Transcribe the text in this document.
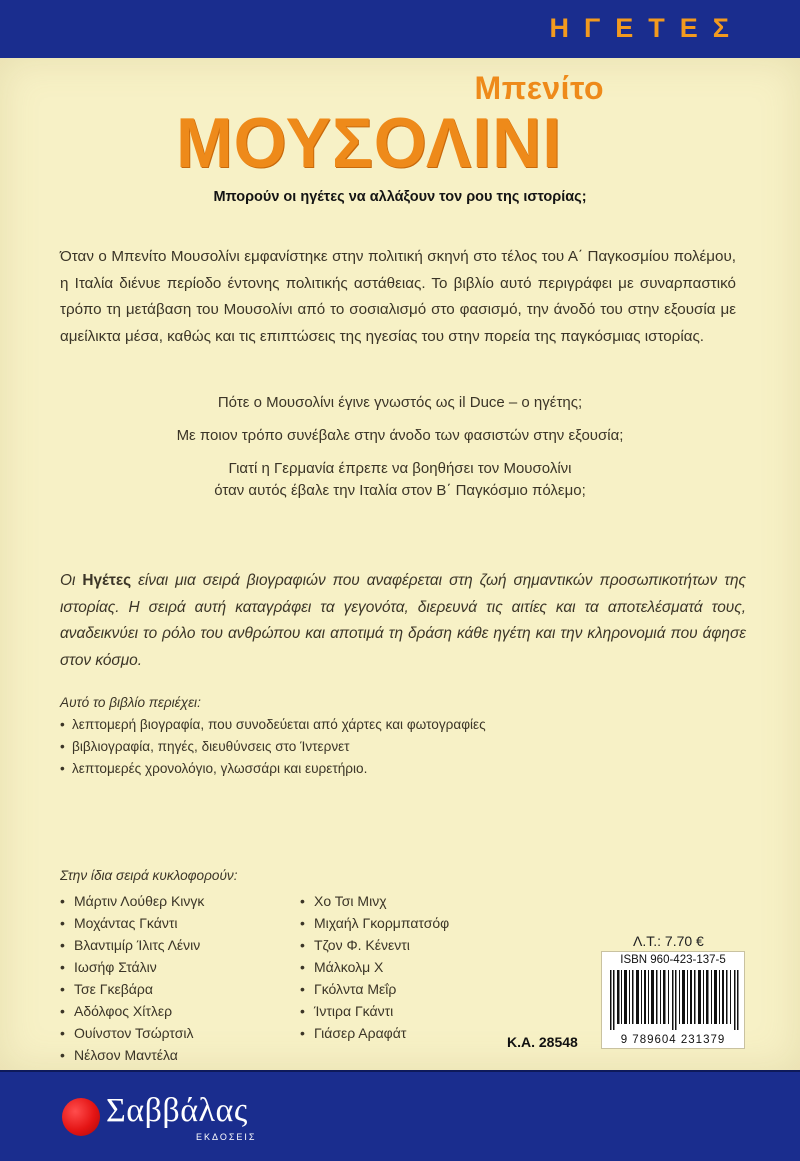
ΗΓΕΤΕΣ
Μπενίτο
ΜΟΥΣΟΛΙΝΙ
Μπορούν οι ηγέτες να αλλάξουν τον ρου της ιστορίας;

Όταν ο Μπενίτο Μουσολίνι εμφανίστηκε στην πολιτική σκηνή στο τέλος του Α΄ Παγκοσμίου πολέμου, η Ιταλία διένυε περίοδο έντονης πολιτικής αστάθειας. Το βιβλίο αυτό περιγράφει με συναρπαστικό τρόπο τη μετάβαση του Μουσολίνι από το σοσιαλισμό στο φασισμό, την άνοδό του στην εξουσία με αμείλικτα μέσα, καθώς και τις επιπτώσεις της ηγεσίας του στην πορεία της παγκόσμιας ιστορίας.

Πότε ο Μουσολίνι έγινε γνωστός ως il Duce – ο ηγέτης;
Με ποιον τρόπο συνέβαλε στην άνοδο των φασιστών στην εξουσία;
Γιατί η Γερμανία έπρεπε να βοηθήσει τον Μουσολίνι
όταν αυτός έβαλε την Ιταλία στον Β΄ Παγκόσμιο πόλεμο;

Οι Ηγέτες είναι μια σειρά βιογραφιών που αναφέρεται στη ζωή σημαντικών προσωπικοτήτων της ιστορίας. Η σειρά αυτή καταγράφει τα γεγονότα, διερευνά τις αιτίες και τα αποτελέσματά τους, αναδεικνύει το ρόλο του ανθρώπου και αποτιμά τη δράση κάθε ηγέτη και την κληρονομιά που άφησε στον κόσμο.

Αυτό το βιβλίο περιέχει:
• λεπτομερή βιογραφία, που συνοδεύεται από χάρτες και φωτογραφίες
• βιβλιογραφία, πηγές, διευθύνσεις στο Ίντερνετ
• λεπτομερές χρονολόγιο, γλωσσάρι και ευρετήριο.
Στην ίδια σειρά κυκλοφορούν:
• Μάρτιν Λούθερ Κινγκ
• Μοχάντας Γκάντι
• Βλαντιμίρ Ίλιτς Λένιν
• Ιωσήφ Στάλιν
• Τσε Γκεβάρα
• Αδόλφος Χίτλερ
• Ουίνστον Τσώρτσιλ
• Νέλσον Μαντέλα
• Χο Τσι Μινχ
• Μιχαήλ Γκορμπατσόφ
• Τζον Φ. Κένεντι
• Μάλκολμ Χ
• Γκόλντα Μεΐρ
• Ίντιρα Γκάντι
• Γιάσερ Αραφάτ
Λ.Τ.: 7.70 €
ISBN 960-423-137-5
9 789604 231379
Κ.Α. 28548
Σαββάλας
ΕΚΔΟΣΕΙΣ
